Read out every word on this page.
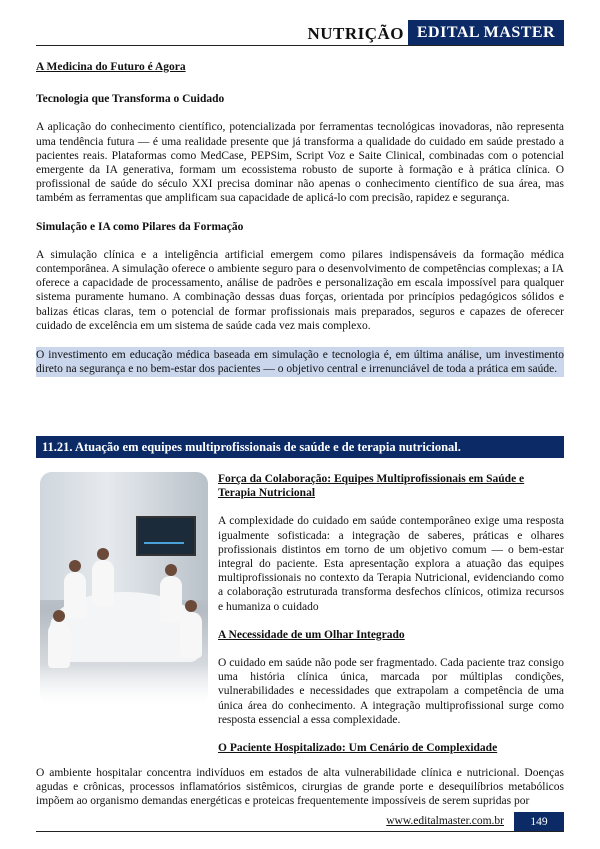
NUTRIÇÃO EDITAL MASTER

A Medicina do Futuro é Agora

Tecnologia que Transforma o Cuidado

A aplicação do conhecimento científico, potencializada por ferramentas tecnológicas inovadoras, não representa uma tendência futura — é uma realidade presente que já transforma a qualidade do cuidado em saúde prestado a pacientes reais. Plataformas como MedCase, PEPSim, Script Voz e Saite Clinical, combinadas com o potencial emergente da IA generativa, formam um ecossistema robusto de suporte à formação e à prática clínica. O profissional de saúde do século XXI precisa dominar não apenas o conhecimento científico de sua área, mas também as ferramentas que amplificam sua capacidade de aplicá-lo com precisão, rapidez e segurança.

Simulação e IA como Pilares da Formação

A simulação clínica e a inteligência artificial emergem como pilares indispensáveis da formação médica contemporânea. A simulação oferece o ambiente seguro para o desenvolvimento de competências complexas; a IA oferece a capacidade de processamento, análise de padrões e personalização em escala impossível para qualquer sistema puramente humano. A combinação dessas duas forças, orientada por princípios pedagógicos sólidos e balizas éticas claras, tem o potencial de formar profissionais mais preparados, seguros e capazes de oferecer cuidado de excelência em um sistema de saúde cada vez mais complexo.

O investimento em educação médica baseada em simulação e tecnologia é, em última análise, um investimento direto na segurança e no bem-estar dos pacientes — o objetivo central e irrenunciável de toda a prática em saúde.

11.21. Atuação em equipes multiprofissionais de saúde e de terapia nutricional.

Força da Colaboração: Equipes Multiprofissionais em Saúde e Terapia Nutricional

A complexidade do cuidado em saúde contemporâneo exige uma resposta igualmente sofisticada: a integração de saberes, práticas e olhares profissionais distintos em torno de um objetivo comum — o bem-estar integral do paciente. Esta apresentação explora a atuação das equipes multiprofissionais no contexto da Terapia Nutricional, evidenciando como a colaboração estruturada transforma desfechos clínicos, otimiza recursos e humaniza o cuidado

A Necessidade de um Olhar Integrado

O cuidado em saúde não pode ser fragmentado. Cada paciente traz consigo uma história clínica única, marcada por múltiplas condições, vulnerabilidades e necessidades que extrapolam a competência de uma única área do conhecimento. A integração multiprofissional surge como resposta essencial a essa complexidade.

O Paciente Hospitalizado: Um Cenário de Complexidade

O ambiente hospitalar concentra indivíduos em estados de alta vulnerabilidade clínica e nutricional. Doenças agudas e crônicas, processos inflamatórios sistêmicos, cirurgias de grande porte e desequilíbrios metabólicos impõem ao organismo demandas energéticas e proteicas frequentemente impossíveis de serem supridas por

www.editalmaster.com.br	149
